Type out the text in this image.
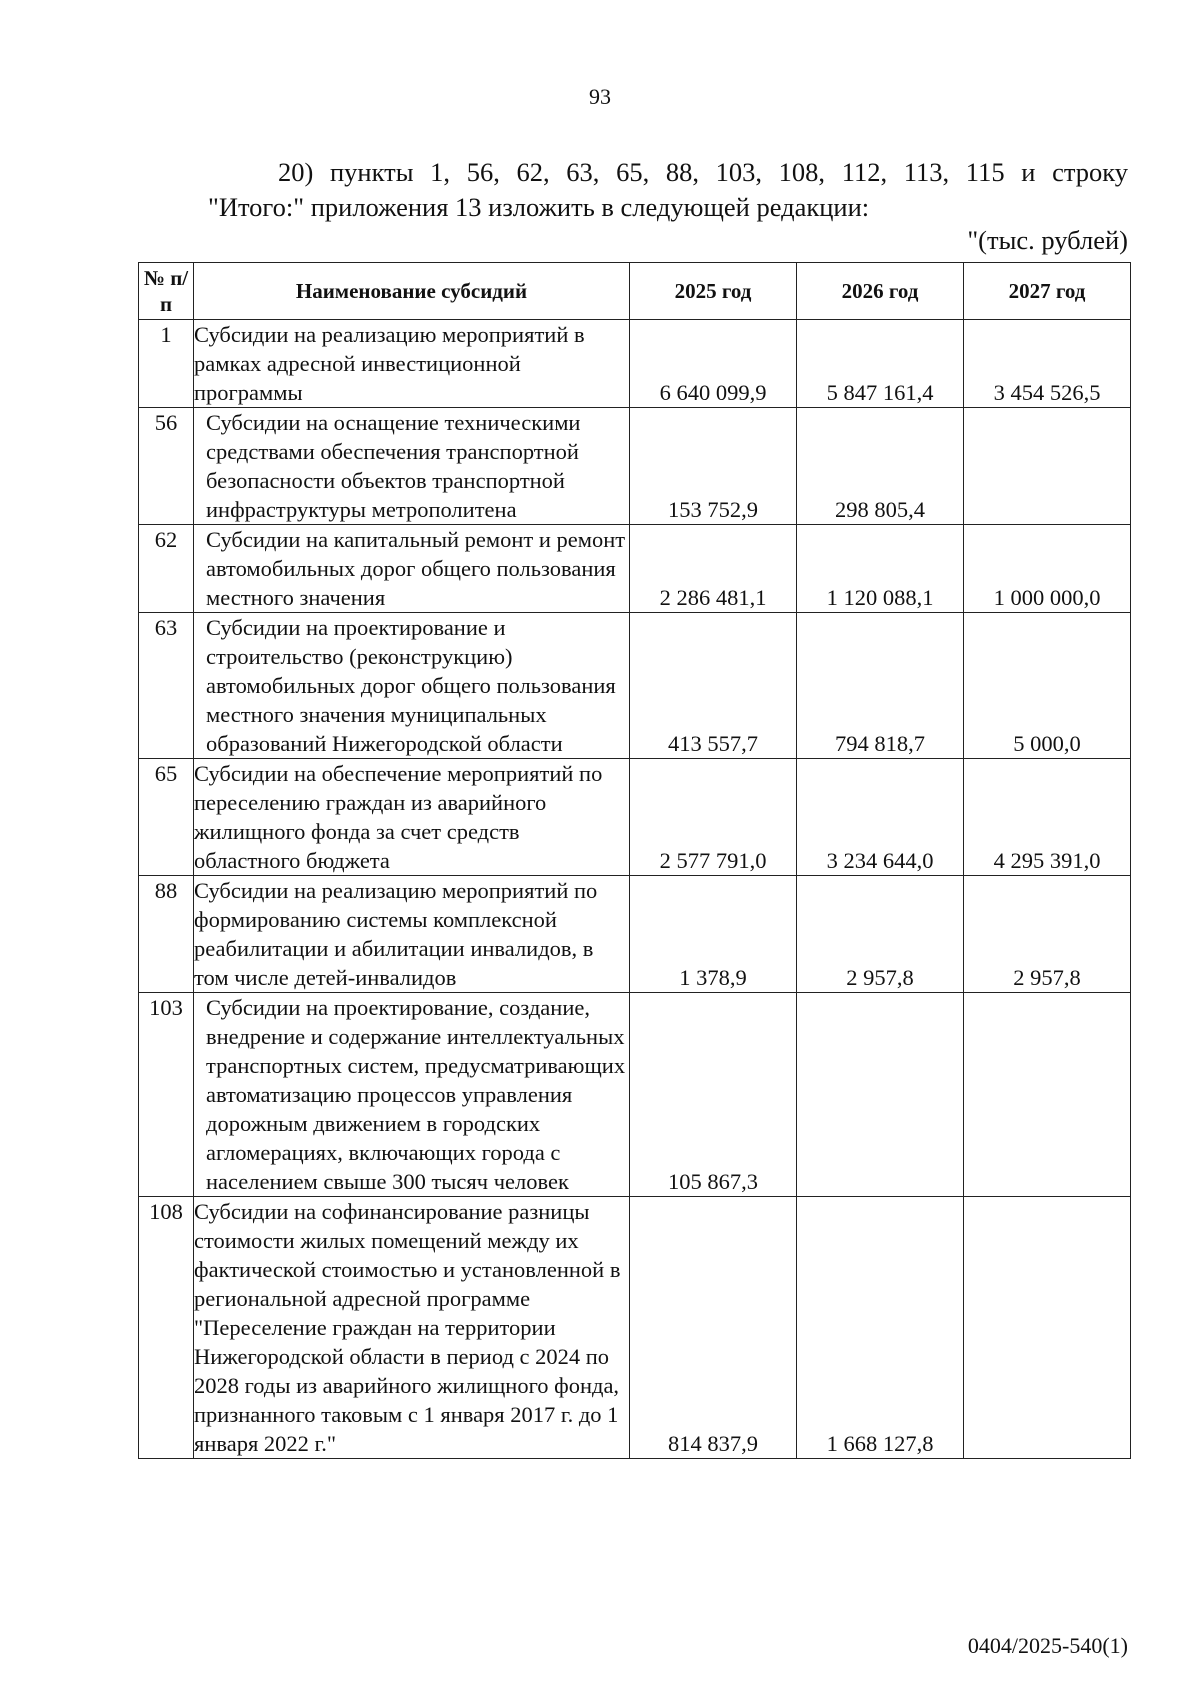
93
20) пункты 1, 56, 62, 63, 65, 88, 103, 108, 112, 113, 115 и строку
"Итого:" приложения 13 изложить в следующей редакции:
"(тыс. рублей)
№ п/п	Наименование субсидий	2025 год	2026 год	2027 год
1	Субсидии на реализацию мероприятий в рамках адресной инвестиционной программы	6 640 099,9	5 847 161,4	3 454 526,5
56	Субсидии на оснащение техническими средствами обеспечения транспортной безопасности объектов транспортной инфраструктуры метрополитена	153 752,9	298 805,4	
62	Субсидии на капитальный ремонт и ремонт автомобильных дорог общего пользования местного значения	2 286 481,1	1 120 088,1	1 000 000,0
63	Субсидии на проектирование и строительство (реконструкцию) автомобильных дорог общего пользования местного значения муниципальных образований Нижегородской области	413 557,7	794 818,7	5 000,0
65	Субсидии на обеспечение мероприятий по переселению граждан из аварийного жилищного фонда за счет средств областного бюджета	2 577 791,0	3 234 644,0	4 295 391,0
88	Субсидии на реализацию мероприятий по формированию системы комплексной реабилитации и абилитации инвалидов, в том числе детей-инвалидов	1 378,9	2 957,8	2 957,8
103	Субсидии на проектирование, создание, внедрение и содержание интеллектуальных транспортных систем, предусматривающих автоматизацию процессов управления дорожным движением в городских агломерациях, включающих города с населением свыше 300 тысяч человек	105 867,3		
108	Субсидии на софинансирование разницы стоимости жилых помещений между их фактической стоимостью и установленной в региональной адресной программе "Переселение граждан на территории Нижегородской области в период с 2024 по 2028 годы из аварийного жилищного фонда, признанного таковым с 1 января 2017 г. до 1 января 2022 г."	814 837,9	1 668 127,8	
0404/2025-540(1)
